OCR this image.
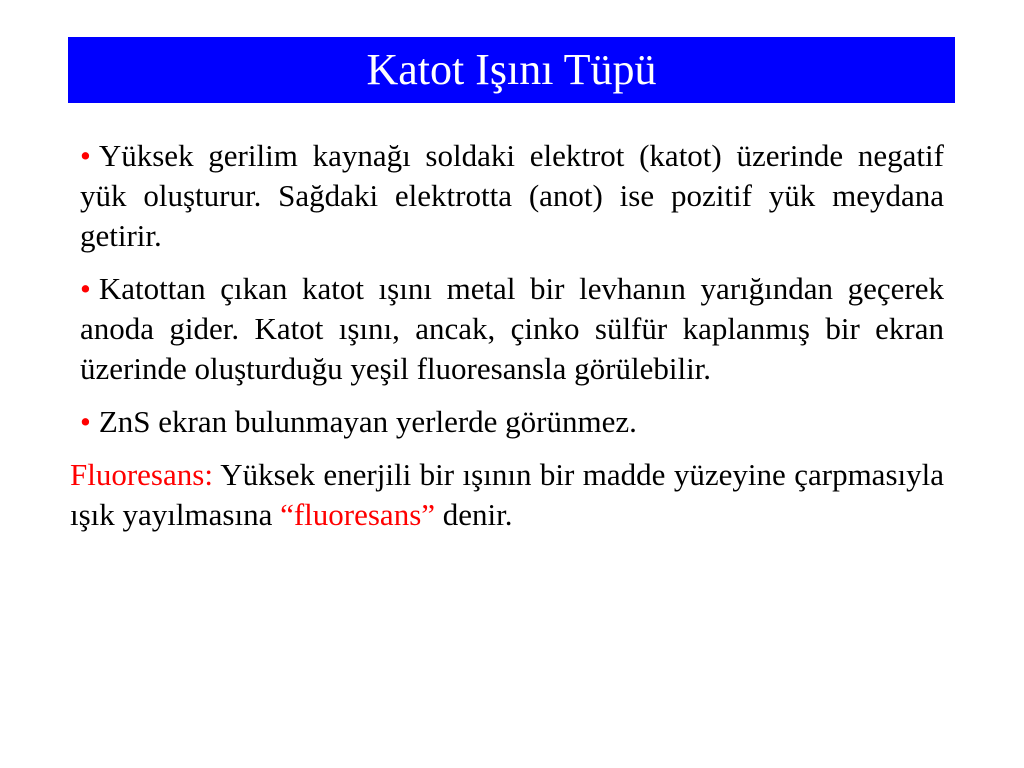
Katot Işını Tüpü
• Yüksek gerilim kaynağı soldaki elektrot (katot) üzerinde negatif yük oluşturur. Sağdaki elektrotta (anot) ise pozitif yük meydana getirir.
• Katottan çıkan katot ışını metal bir levhanın yarığından geçerek anoda gider. Katot ışını, ancak, çinko sülfür kaplanmış bir ekran üzerinde oluşturduğu yeşil fluoresansla görülebilir.
• ZnS ekran bulunmayan yerlerde görünmez.
Fluoresans: Yüksek enerjili bir ışının bir madde yüzeyine çarpmasıyla ışık yayılmasına “fluoresans” denir.
